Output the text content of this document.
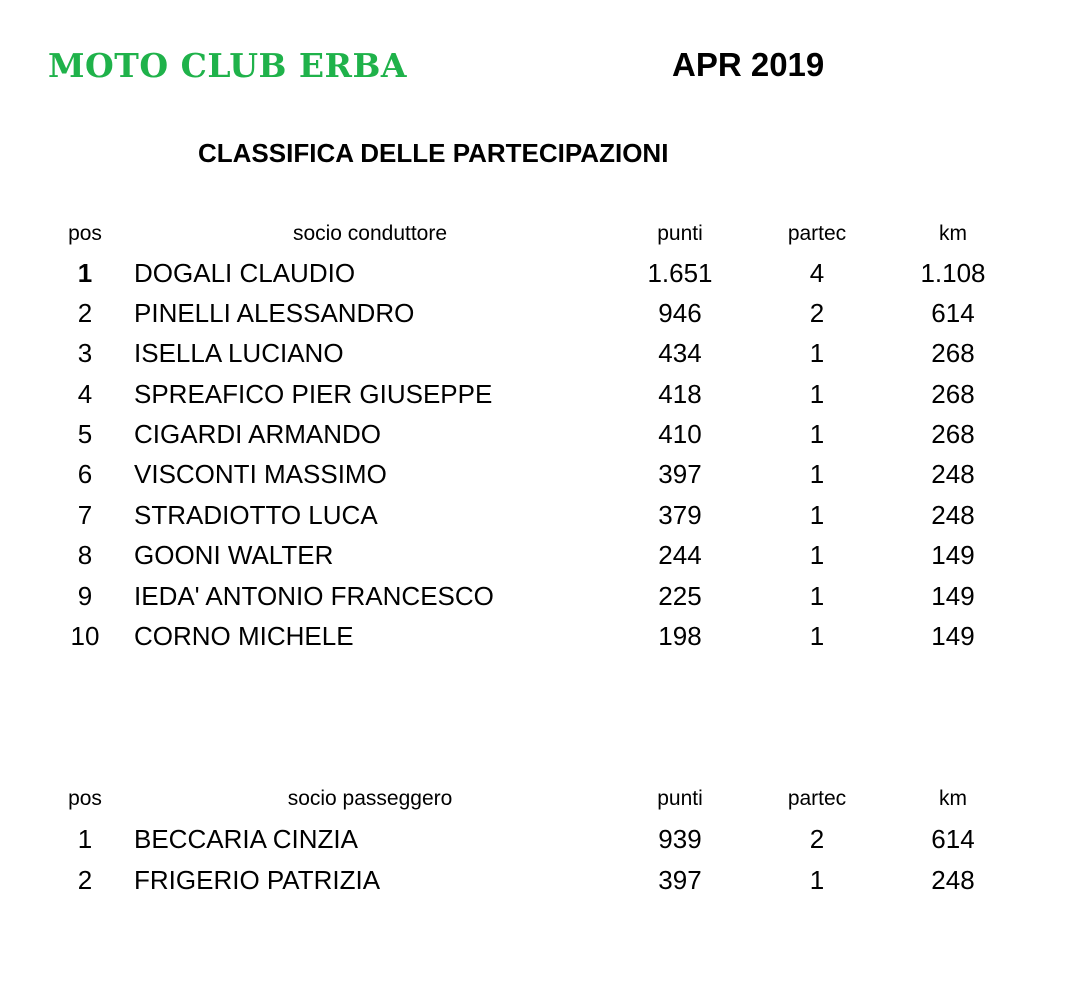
MOTO CLUB ERBA	APR 2019
CLASSIFICA DELLE PARTECIPAZIONI
pos	socio conduttore	punti	partec	km
1	DOGALI CLAUDIO	1.651	4	1.108
2	PINELLI ALESSANDRO	946	2	614
3	ISELLA LUCIANO	434	1	268
4	SPREAFICO PIER GIUSEPPE	418	1	268
5	CIGARDI ARMANDO	410	1	268
6	VISCONTI MASSIMO	397	1	248
7	STRADIOTTO LUCA	379	1	248
8	GOONI WALTER	244	1	149
9	IEDA' ANTONIO FRANCESCO	225	1	149
10	CORNO MICHELE	198	1	149
pos	socio passeggero	punti	partec	km
1	BECCARIA CINZIA	939	2	614
2	FRIGERIO PATRIZIA	397	1	248
